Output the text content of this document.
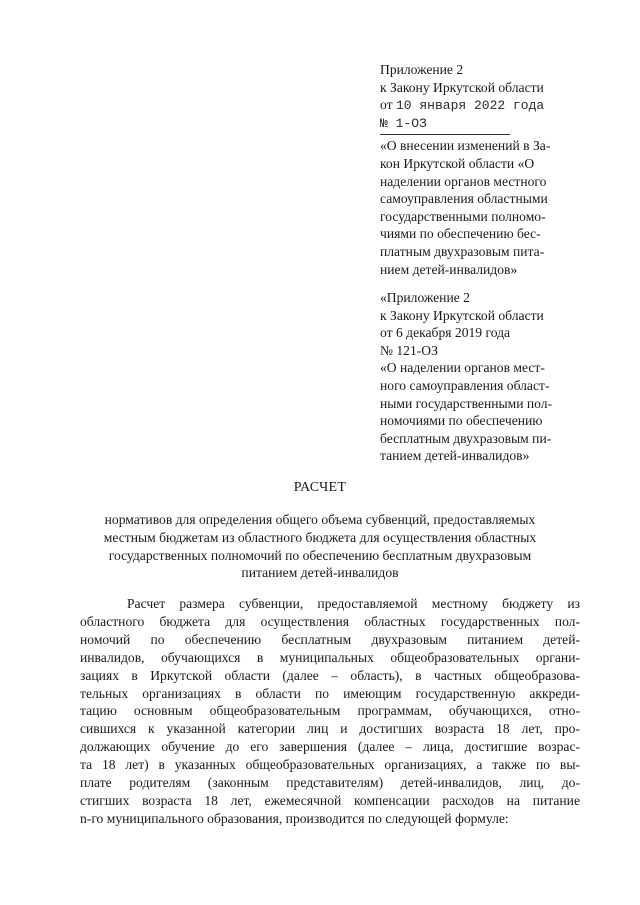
Приложение 2
к Закону Иркутской области
от 10 января 2022 года
№ 1-ОЗ
«О внесении изменений в За-
кон Иркутской области «О
наделении органов местного
самоуправления областными
государственными полномо-
чиями по обеспечению бес-
платным двухразовым пита-
нием детей-инвалидов»
«Приложение 2
к Закону Иркутской области
от 6 декабря 2019 года
№ 121-ОЗ
«О наделении органов мест-
ного самоуправления област-
ными государственными пол-
номочиями по обеспечению
бесплатным двухразовым пи-
танием детей-инвалидов»
РАСЧЕТ
нормативов для определения общего объема субвенций, предоставляемых
местным бюджетам из областного бюджета для осуществления областных
государственных полномочий по обеспечению бесплатным двухразовым
питанием детей-инвалидов
Расчет размера субвенции, предоставляемой местному бюджету из
областного бюджета для осуществления областных государственных пол-
номочий по обеспечению бесплатным двухразовым питанием детей-
инвалидов, обучающихся в муниципальных общеобразовательных органи-
зациях в Иркутской области (далее – область), в частных общеобразова-
тельных организациях в области по имеющим государственную аккреди-
тацию основным общеобразовательным программам, обучающихся, отно-
сившихся к указанной категории лиц и достигших возраста 18 лет, про-
должающих обучение до его завершения (далее – лица, достигшие возрас-
та 18 лет) в указанных общеобразовательных организациях, а также по вы-
плате родителям (законным представителям) детей-инвалидов, лиц, до-
стигших возраста 18 лет, ежемесячной компенсации расходов на питание
n-го муниципального образования, производится по следующей формуле:
